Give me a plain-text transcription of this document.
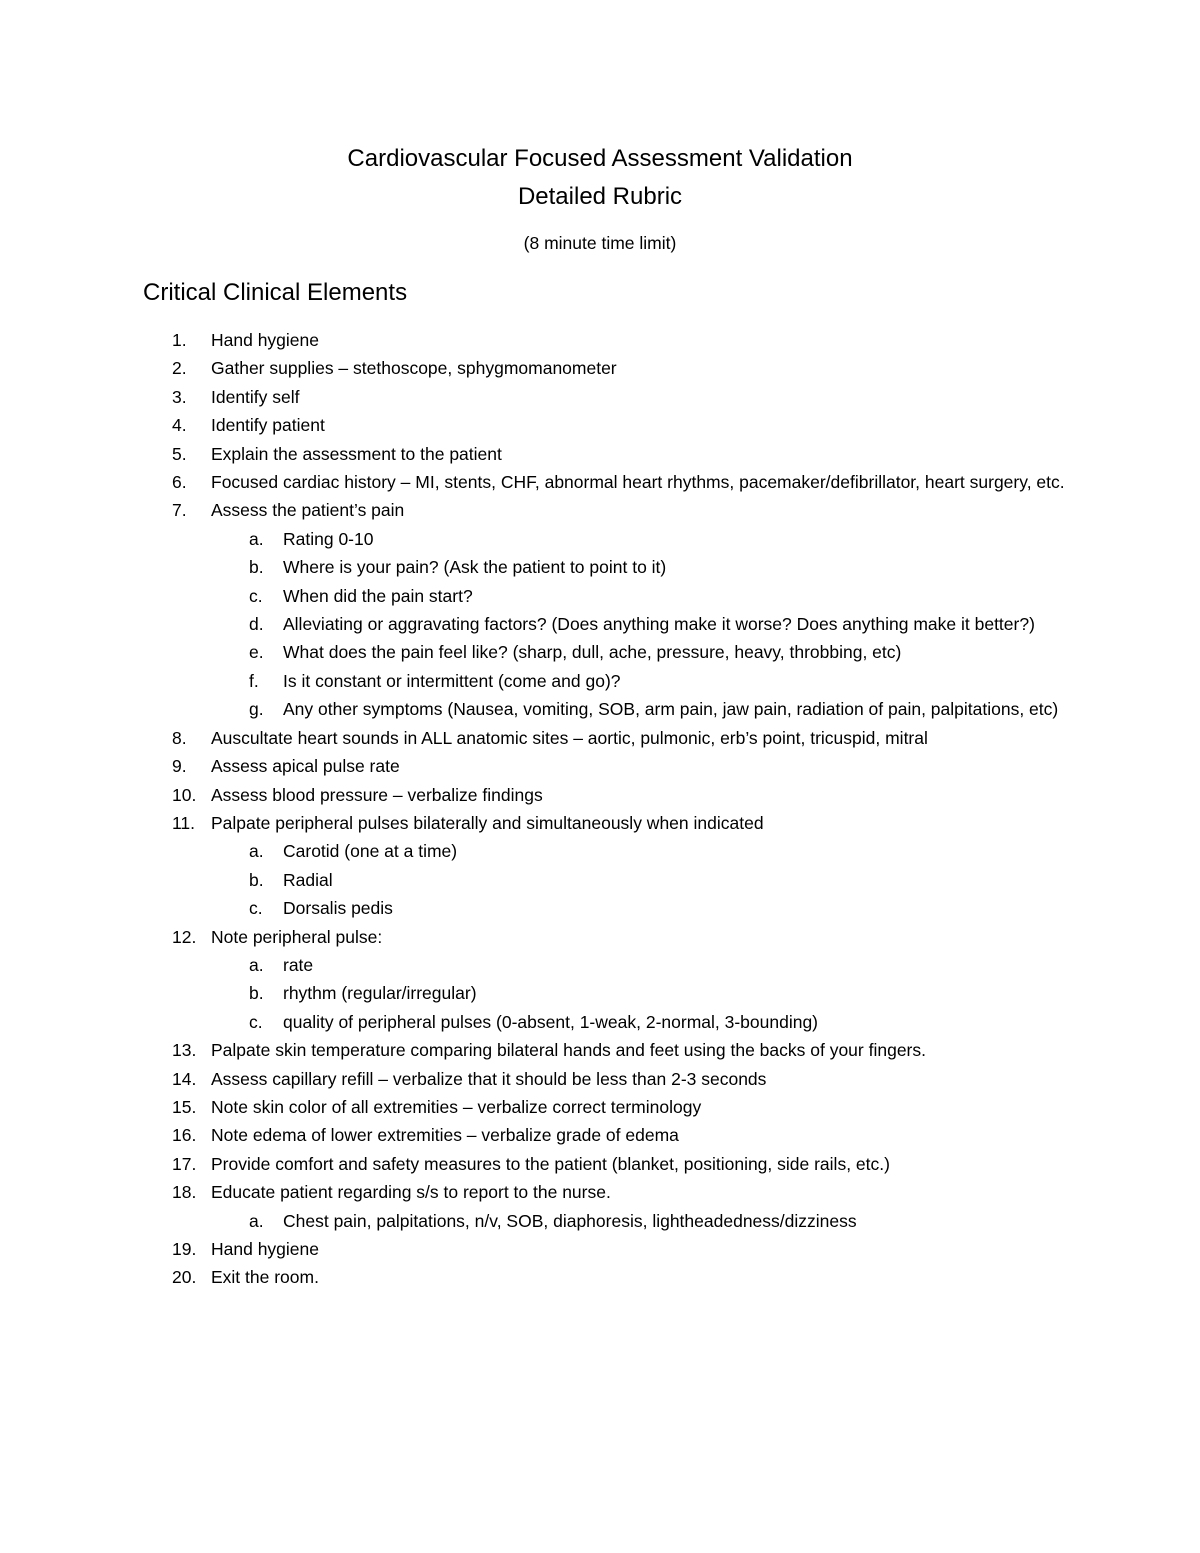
Cardiovascular Focused Assessment Validation
Detailed Rubric
(8 minute time limit)
Critical Clinical Elements
1.	Hand hygiene
2.	Gather supplies – stethoscope, sphygmomanometer
3.	Identify self
4.	Identify patient
5.	Explain the assessment to the patient
6.	Focused cardiac history – MI, stents, CHF, abnormal heart rhythms, pacemaker/defibrillator, heart surgery, etc.
7.	Assess the patient’s pain
a.	Rating 0-10
b.	Where is your pain? (Ask the patient to point to it)
c.	When did the pain start?
d.	Alleviating or aggravating factors? (Does anything make it worse? Does anything make it better?)
e.	What does the pain feel like? (sharp, dull, ache, pressure, heavy, throbbing, etc)
f.	Is it constant or intermittent (come and go)?
g.	Any other symptoms (Nausea, vomiting, SOB, arm pain, jaw pain, radiation of pain, palpitations, etc)
8.	Auscultate heart sounds in ALL anatomic sites – aortic, pulmonic, erb’s point, tricuspid, mitral
9.	Assess apical pulse rate
10. Assess blood pressure – verbalize findings
11. Palpate peripheral pulses bilaterally and simultaneously when indicated
a.	Carotid (one at a time)
b.	Radial
c.	Dorsalis pedis
12. Note peripheral pulse:
a.	rate
b.	rhythm (regular/irregular)
c.	quality of peripheral pulses (0-absent, 1-weak, 2-normal, 3-bounding)
13. Palpate skin temperature comparing bilateral hands and feet using the backs of your fingers.
14. Assess capillary refill – verbalize that it should be less than 2-3 seconds
15. Note skin color of all extremities – verbalize correct terminology
16. Note edema of lower extremities – verbalize grade of edema
17. Provide comfort and safety measures to the patient (blanket, positioning, side rails, etc.)
18. Educate patient regarding s/s to report to the nurse.
a.	Chest pain, palpitations, n/v, SOB, diaphoresis, lightheadedness/dizziness
19. Hand hygiene
20. Exit the room.
